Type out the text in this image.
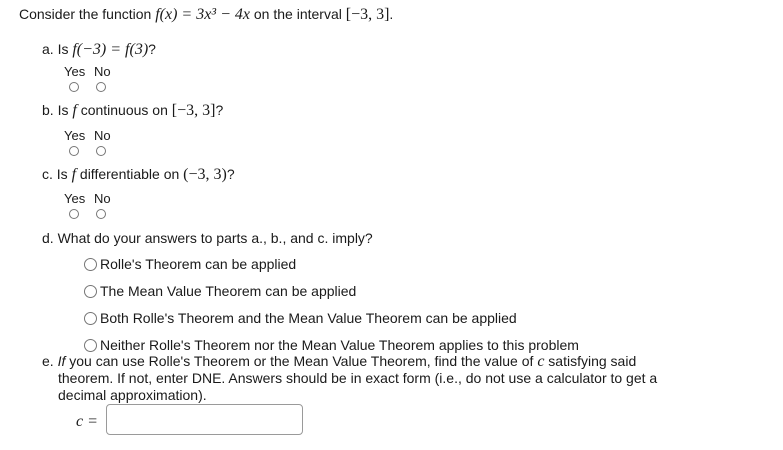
Consider the function f(x) = 3x³ − 4x on the interval [−3, 3].
a. Is f(−3) = f(3)?
Yes No
b. Is f continuous on [−3, 3]?
Yes No
c. Is f differentiable on (−3, 3)?
Yes No
d. What do your answers to parts a., b., and c. imply?
Rolle's Theorem can be applied
The Mean Value Theorem can be applied
Both Rolle's Theorem and the Mean Value Theorem can be applied
Neither Rolle's Theorem nor the Mean Value Theorem applies to this problem
e. If you can use Rolle's Theorem or the Mean Value Theorem, find the value of c satisfying said
theorem. If not, enter DNE. Answers should be in exact form (i.e., do not use a calculator to get a
decimal approximation).
c =
